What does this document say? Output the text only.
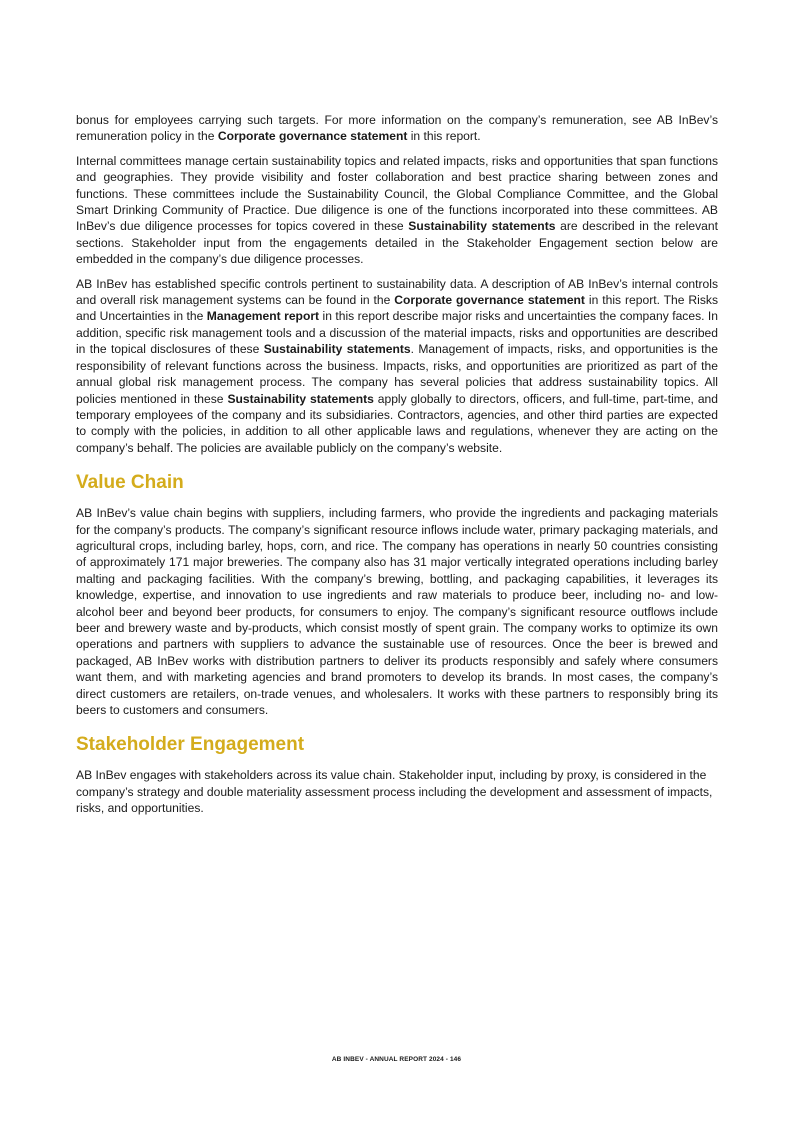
bonus for employees carrying such targets. For more information on the company’s remuneration, see AB InBev’s remuneration policy in the Corporate governance statement in this report.

Internal committees manage certain sustainability topics and related impacts, risks and opportunities that span functions and geographies. They provide visibility and foster collaboration and best practice sharing between zones and functions. These committees include the Sustainability Council, the Global Compliance Committee, and the Global Smart Drinking Community of Practice. Due diligence is one of the functions incorporated into these committees. AB InBev’s due diligence processes for topics covered in these Sustainability statements are described in the relevant sections. Stakeholder input from the engagements detailed in the Stakeholder Engagement section below are embedded in the company’s due diligence processes.

AB InBev has established specific controls pertinent to sustainability data. A description of AB InBev’s internal controls and overall risk management systems can be found in the Corporate governance statement in this report. The Risks and Uncertainties in the Management report in this report describe major risks and uncertainties the company faces. In addition, specific risk management tools and a discussion of the material impacts, risks and opportunities are described in the topical disclosures of these Sustainability statements. Management of impacts, risks, and opportunities is the responsibility of relevant functions across the business. Impacts, risks, and opportunities are prioritized as part of the annual global risk management process. The company has several policies that address sustainability topics. All policies mentioned in these Sustainability statements apply globally to directors, officers, and full-time, part-time, and temporary employees of the company and its subsidiaries. Contractors, agencies, and other third parties are expected to comply with the policies, in addition to all other applicable laws and regulations, whenever they are acting on the company’s behalf. The policies are available publicly on the company’s website.

Value Chain

AB InBev’s value chain begins with suppliers, including farmers, who provide the ingredients and packaging materials for the company’s products. The company’s significant resource inflows include water, primary packaging materials, and agricultural crops, including barley, hops, corn, and rice. The company has operations in nearly 50 countries consisting of approximately 171 major breweries. The company also has 31 major vertically integrated operations including barley malting and packaging facilities. With the company’s brewing, bottling, and packaging capabilities, it leverages its knowledge, expertise, and innovation to use ingredients and raw materials to produce beer, including no- and low-alcohol beer and beyond beer products, for consumers to enjoy. The company’s significant resource outflows include beer and brewery waste and by-products, which consist mostly of spent grain. The company works to optimize its own operations and partners with suppliers to advance the sustainable use of resources. Once the beer is brewed and packaged, AB InBev works with distribution partners to deliver its products responsibly and safely where consumers want them, and with marketing agencies and brand promoters to develop its brands. In most cases, the company’s direct customers are retailers, on-trade venues, and wholesalers. It works with these partners to responsibly bring its beers to customers and consumers.

Stakeholder Engagement

AB InBev engages with stakeholders across its value chain. Stakeholder input, including by proxy, is considered in the company’s strategy and double materiality assessment process including the development and assessment of impacts, risks, and opportunities.

AB INBEV - ANNUAL REPORT 2024 - 146
